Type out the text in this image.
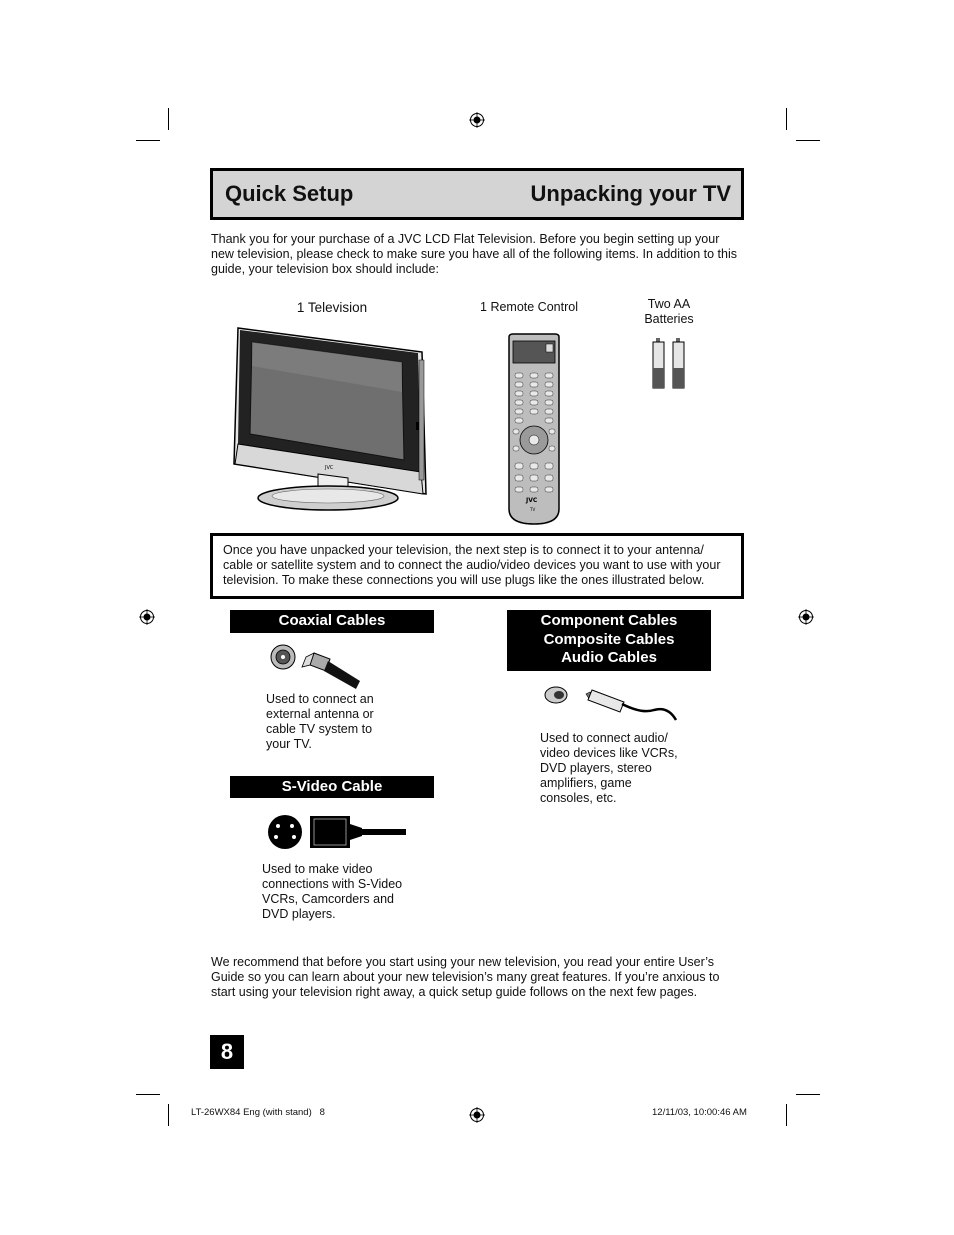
Quick Setup	Unpacking your TV
Thank you for your purchase of a JVC LCD Flat Television. Before you begin setting up your new television, please check to make sure you have all of the following items. In addition to this guide, your television box should include:
1 Television	1 Remote Control	Two AA
Batteries
JVC
JVC
TV

Once you have unpacked your television, the next step is to connect it to your antenna/ cable or satellite system and to connect the audio/video devices you want to use with your television. To make these connections you will use plugs like the ones illustrated below.

Coaxial Cables
Used to connect an external antenna or cable TV system to your TV.
S-Video Cable
Used to make video connections with S-Video VCRs, Camcorders and DVD players.
Component Cables
Composite Cables
Audio Cables
Used to connect audio/ video devices like VCRs, DVD players, stereo amplifiers, game consoles, etc.
We recommend that before you start using your new television, you read your entire User’s Guide so you can learn about your new television’s many great features. If you’re anxious to start using your television right away, a quick setup guide follows on the next few pages.
8
LT-26WX84 Eng (with stand)   8	12/11/03, 10:00:46 AM
